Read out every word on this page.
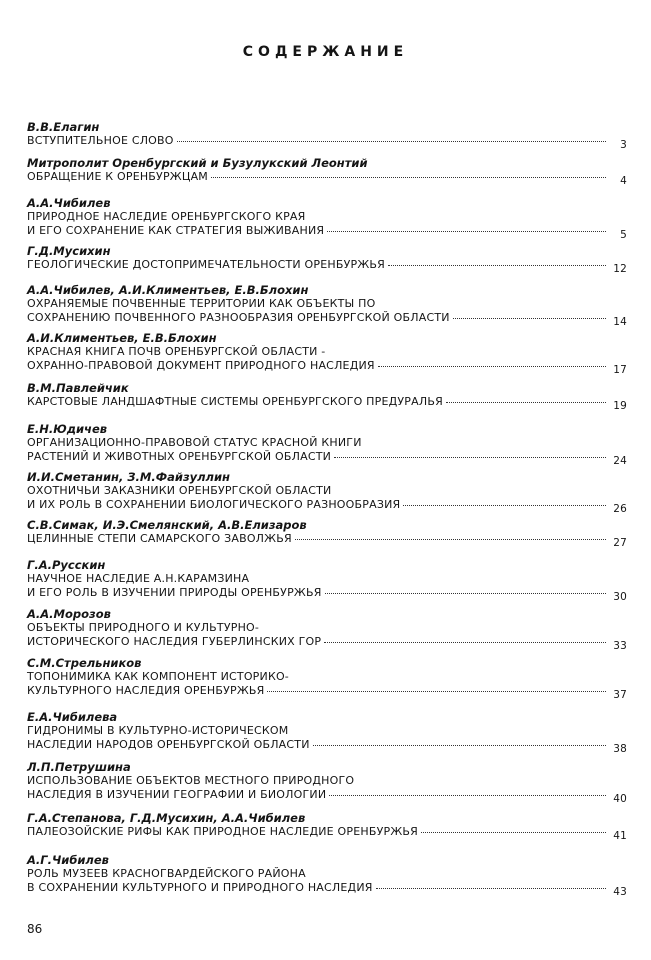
СОДЕРЖАНИЕ
В.В.Елагин
ВСТУПИТЕЛЬНОЕ СЛОВО	3
Митрополит Оренбургский и Бузулукский Леонтий
ОБРАЩЕНИЕ К ОРЕНБУРЖЦАМ	4
А.А.Чибилев
ПРИРОДНОЕ НАСЛЕДИЕ ОРЕНБУРГСКОГО КРАЯ
И ЕГО СОХРАНЕНИЕ КАК СТРАТЕГИЯ ВЫЖИВАНИЯ	5
Г.Д.Мусихин
ГЕОЛОГИЧЕСКИЕ ДОСТОПРИМЕЧАТЕЛЬНОСТИ ОРЕНБУРЖЬЯ	12
А.А.Чибилев, А.И.Климентьев, Е.В.Блохин
ОХРАНЯЕМЫЕ ПОЧВЕННЫЕ ТЕРРИТОРИИ КАК ОБЪЕКТЫ ПО
СОХРАНЕНИЮ ПОЧВЕННОГО РАЗНООБРАЗИЯ ОРЕНБУРГСКОЙ ОБЛАСТИ	14
А.И.Климентьев, Е.В.Блохин
КРАСНАЯ КНИГА ПОЧВ ОРЕНБУРГСКОЙ ОБЛАСТИ -
ОХРАННО-ПРАВОВОЙ ДОКУМЕНТ ПРИРОДНОГО НАСЛЕДИЯ	17
В.М.Павлейчик
КАРСТОВЫЕ ЛАНДШАФТНЫЕ СИСТЕМЫ ОРЕНБУРГСКОГО ПРЕДУРАЛЬЯ	19
Е.Н.Юдичев
ОРГАНИЗАЦИОННО-ПРАВОВОЙ СТАТУС КРАСНОЙ КНИГИ
РАСТЕНИЙ И ЖИВОТНЫХ ОРЕНБУРГСКОЙ ОБЛАСТИ	24
И.И.Сметанин, З.М.Файзуллин
ОХОТНИЧЬИ ЗАКАЗНИКИ ОРЕНБУРГСКОЙ ОБЛАСТИ
И ИХ РОЛЬ В СОХРАНЕНИИ БИОЛОГИЧЕСКОГО РАЗНООБРАЗИЯ	26
С.В.Симак, И.Э.Смелянский, А.В.Елизаров
ЦЕЛИННЫЕ СТЕПИ САМАРСКОГО ЗАВОЛЖЬЯ	27
Г.А.Русскин
НАУЧНОЕ НАСЛЕДИЕ А.Н.КАРАМЗИНА
И ЕГО РОЛЬ В ИЗУЧЕНИИ ПРИРОДЫ ОРЕНБУРЖЬЯ	30
А.А.Морозов
ОБЪЕКТЫ ПРИРОДНОГО И КУЛЬТУРНО-
ИСТОРИЧЕСКОГО НАСЛЕДИЯ ГУБЕРЛИНСКИХ ГОР	33
С.М.Стрельников
ТОПОНИМИКА КАК КОМПОНЕНТ ИСТОРИКО-
КУЛЬТУРНОГО НАСЛЕДИЯ ОРЕНБУРЖЬЯ	37
Е.А.Чибилева
ГИДРОНИМЫ В КУЛЬТУРНО-ИСТОРИЧЕСКОМ
НАСЛЕДИИ НАРОДОВ ОРЕНБУРГСКОЙ ОБЛАСТИ	38
Л.П.Петрушина
ИСПОЛЬЗОВАНИЕ ОБЪЕКТОВ МЕСТНОГО ПРИРОДНОГО
НАСЛЕДИЯ В ИЗУЧЕНИИ ГЕОГРАФИИ И БИОЛОГИИ	40
Г.А.Степанова, Г.Д.Мусихин, А.А.Чибилев
ПАЛЕОЗОЙСКИЕ РИФЫ КАК ПРИРОДНОЕ НАСЛЕДИЕ ОРЕНБУРЖЬЯ	41
А.Г.Чибилев
РОЛЬ МУЗЕЕВ КРАСНОГВАРДЕЙСКОГО РАЙОНА
В СОХРАНЕНИИ КУЛЬТУРНОГО И ПРИРОДНОГО НАСЛЕДИЯ	43
86
